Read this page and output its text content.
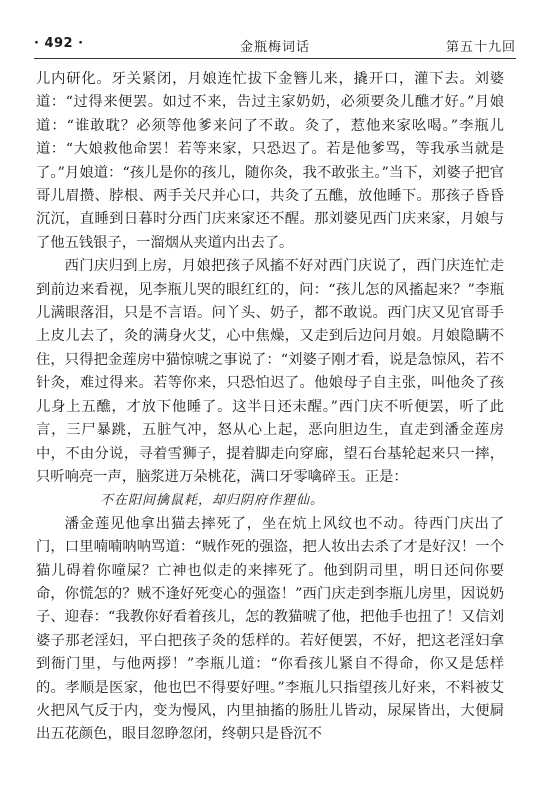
· 492 ·	金瓶梅词话	第五十九回

儿内研化。牙关紧闭，月娘连忙拔下金簪儿来，撬开口，灌下去。刘婆道：“过得来便罢。如过不来，告过主家奶奶，必须要灸儿醮才好。”月娘道：“谁敢耽？必须等他爹来问了不敢。灸了，惹他来家吆喝。”李瓶儿道：“大娘救他命罢！若等来家，只恐迟了。若是他爹骂，等我承当就是了。”月娘道：“孩儿是你的孩儿，随你灸，我不敢张主。”当下，刘婆子把官哥儿眉攒、脖根、两手关尺并心口，共灸了五醮，放他睡下。那孩子昏昏沉沉，直睡到日暮时分西门庆来家还不醒。那刘婆见西门庆来家，月娘与了他五钱银子，一溜烟从夹道内出去了。

西门庆归到上房，月娘把孩子风搐不好对西门庆说了，西门庆连忙走到前边来看视，见李瓶儿哭的眼红红的，问：“孩儿怎的风搐起来？”李瓶儿满眼落泪，只是不言语。问丫头、奶子，都不敢说。西门庆又见官哥手上皮儿去了，灸的满身火艾，心中焦燥，又走到后边问月娘。月娘隐瞒不住，只得把金莲房中猫惊唬之事说了：“刘婆子刚才看，说是急惊风，若不针灸，难过得来。若等你来，只恐怕迟了。他娘母子自主张，叫他灸了孩儿身上五醮，才放下他睡了。这半日还未醒。”西门庆不听便罢，听了此言，三尸暴跳，五脏气冲，怒从心上起，恶向胆边生，直走到潘金莲房中，不由分说，寻着雪狮子，提着脚走向穿廊，望石台基轮起来只一摔，只听响亮一声，脑浆迸万朵桃花，满口牙零噙碎玉。正是：

不在阳间擒鼠耗，却归阴府作狸仙。

潘金莲见他拿出猫去摔死了，坐在炕上风纹也不动。待西门庆出了门，口里喃喃呐呐骂道：“贼作死的强盗，把人妆出去杀了才是好汉！一个猫儿碍着你噇屎？亡神也似走的来摔死了。他到阴司里，明日还问你要命，你慌怎的？贼不逢好死变心的强盗！”西门庆走到李瓶儿房里，因说奶子、迎春：“我教你好看着孩儿，怎的教猫唬了他，把他手也扭了！又信刘婆子那老淫妇，平白把孩子灸的恁样的。若好便罢，不好，把这老淫妇拿到衙门里，与他两拶！”李瓶儿道：“你看孩儿紧自不得命，你又是恁样的。孝顺是医家，他也巴不得要好哩。”李瓶儿只指望孩儿好来，不料被艾火把风气反于内，变为慢风，内里抽搐的肠肚儿皆动，尿屎皆出，大便屙出五花颜色，眼目忽睁忽闭，终朝只是昏沉不
